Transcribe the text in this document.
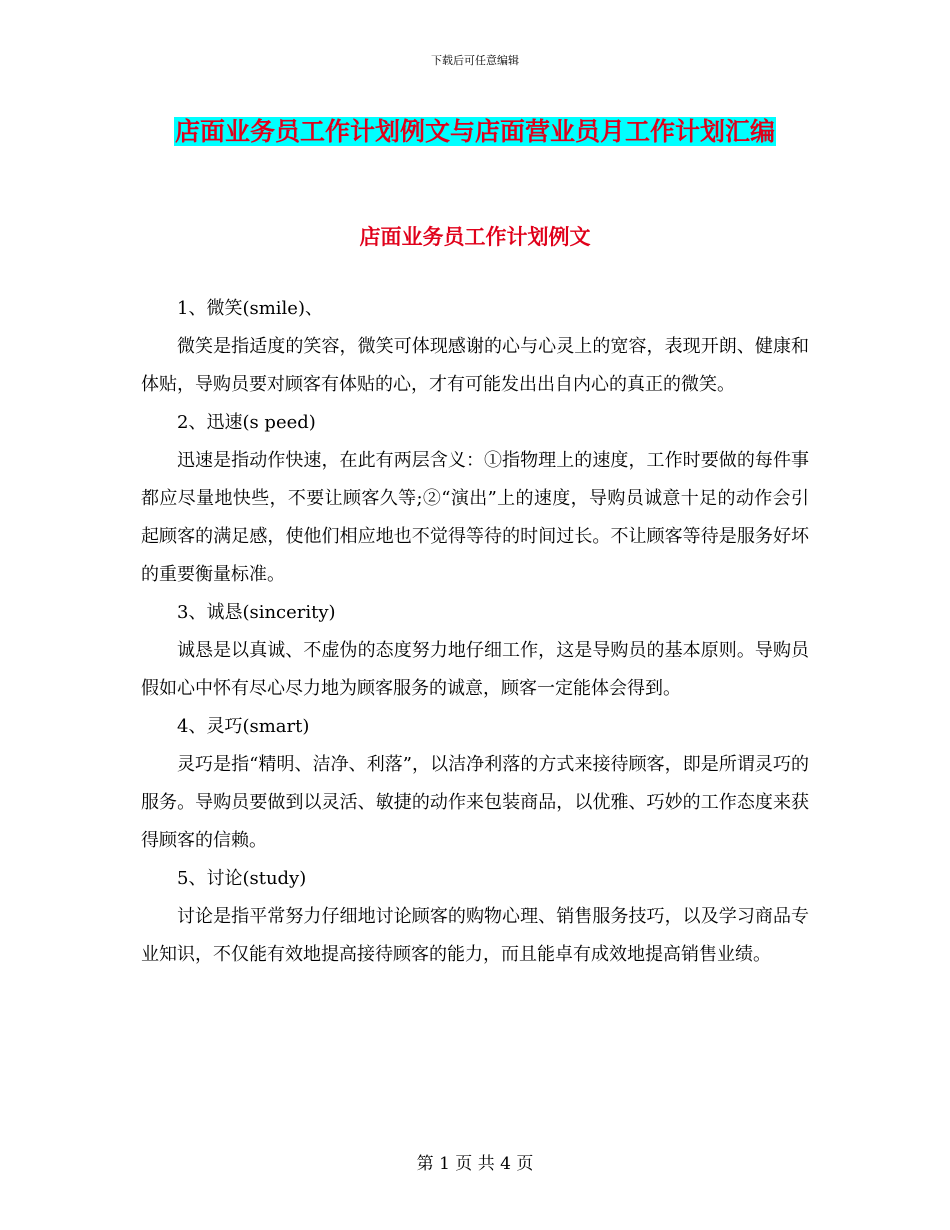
下载后可任意编辑
店面业务员工作计划例文与店面营业员月工作计划汇编
店面业务员工作计划例文

1、微笑(smile)、

微笑是指适度的笑容，微笑可体现感谢的心与心灵上的宽容，表现开朗、健康和体贴，导购员要对顾客有体贴的心，才有可能发出出自内心的真正的微笑。

2、迅速(s peed)

迅速是指动作快速，在此有两层含义：①指物理上的速度，工作时要做的每件事都应尽量地快些，不要让顾客久等;②“演出”上的速度，导购员诚意十足的动作会引起顾客的满足感，使他们相应地也不觉得等待的时间过长。不让顾客等待是服务好坏的重要衡量标准。

3、诚恳(sincerity)

诚恳是以真诚、不虚伪的态度努力地仔细工作，这是导购员的基本原则。导购员假如心中怀有尽心尽力地为顾客服务的诚意，顾客一定能体会得到。

4、灵巧(smart)

灵巧是指“精明、洁净、利落”，以洁净利落的方式来接待顾客，即是所谓灵巧的服务。导购员要做到以灵活、敏捷的动作来包装商品，以优雅、巧妙的工作态度来获得顾客的信赖。

5、讨论(study)

讨论是指平常努力仔细地讨论顾客的购物心理、销售服务技巧，以及学习商品专业知识，不仅能有效地提高接待顾客的能力，而且能卓有成效地提高销售业绩。

第 1 页 共 4 页
